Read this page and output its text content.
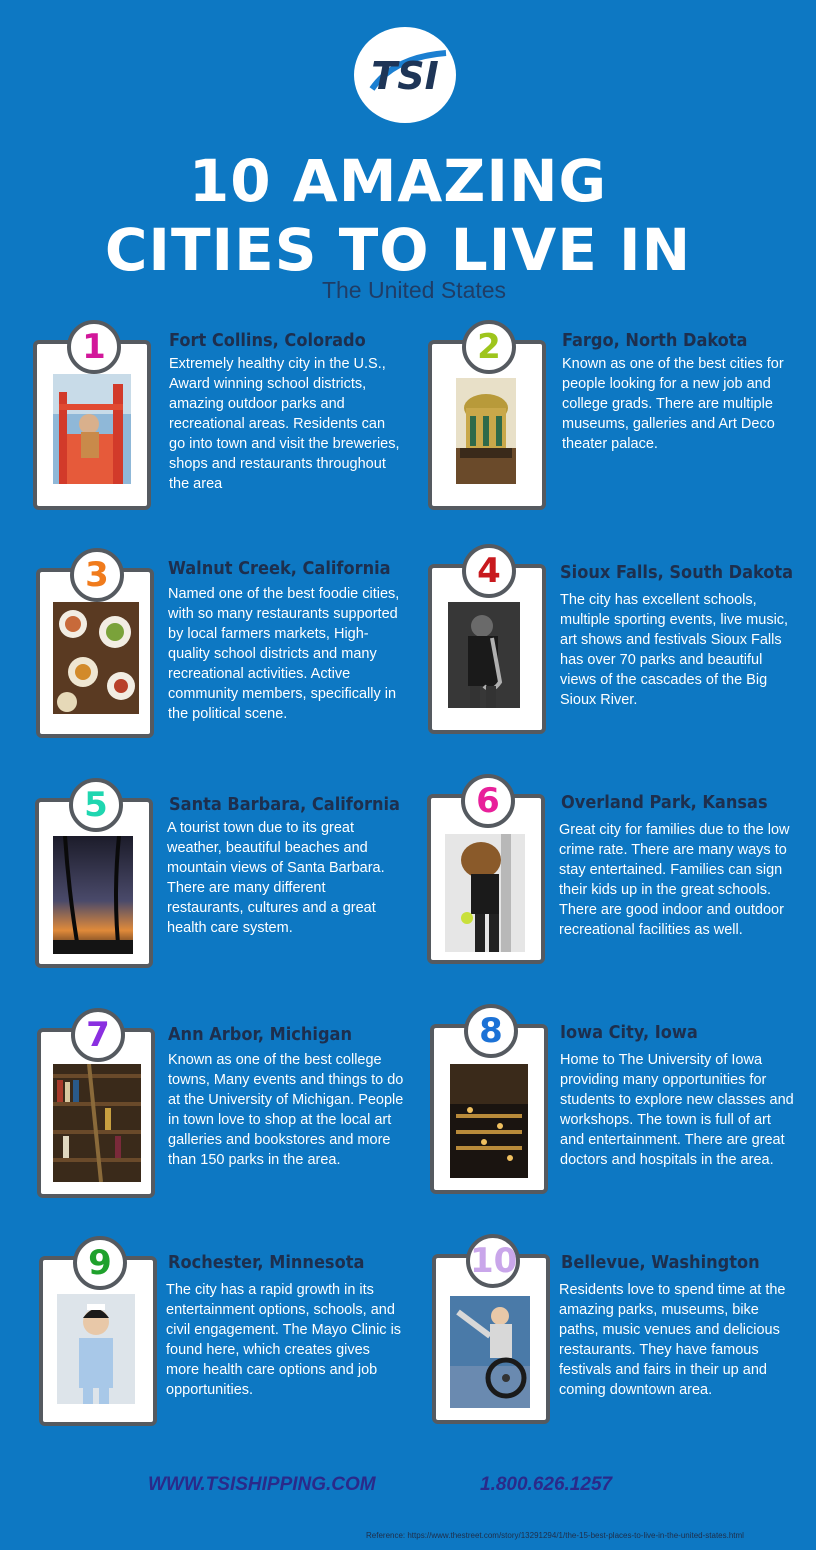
TSI
10 AMAZING
CITIES TO LIVE IN
The United States
1	Fort Collins, Colorado
Extremely healthy city in the U.S., Award winning school districts, amazing outdoor parks and recreational areas. Residents can go into town and visit the breweries, shops and restaurants throughout the area
2	Fargo, North Dakota
Known as one of the best cities for people looking for a new job and college grads. There are multiple museums, galleries and Art Deco theater palace.
3	Walnut Creek, California
Named one of the best foodie cities, with so many restaurants supported by local farmers markets, High-quality school districts and many recreational activities. Active community members, specifically in the political scene.
4	Sioux Falls, South Dakota
The city has excellent schools, multiple sporting events, live music, art shows and festivals Sioux Falls has over 70 parks and beautiful views of the cascades of the Big Sioux River.
5	Santa Barbara, California
A tourist town due to its great weather, beautiful beaches and mountain views of Santa Barbara. There are many different restaurants, cultures and a great health care system.
6	Overland Park, Kansas
Great city for families due to the low crime rate. There are many ways to stay entertained. Families can sign their kids up in the great schools. There are good indoor and outdoor recreational facilities as well.
7	Ann Arbor, Michigan
Known as one of the best college towns, Many events and things to do at the University of Michigan. People in town love to shop at the local art galleries and bookstores and more than 150 parks in the area.
8	Iowa City, Iowa
Home to The University of Iowa providing many opportunities for students to explore new classes and workshops. The town is full of art and entertainment. There are great doctors and hospitals in the area.
9	Rochester, Minnesota
The city has a rapid growth in its entertainment options, schools, and civil engagement. The Mayo Clinic is found here, which creates gives more health care options and job opportunities.
10 Bellevue, Washington
Residents love to spend time at the amazing parks, museums, bike paths, music venues and delicious restaurants. They have famous festivals and fairs in their up and coming downtown area.
WWW.TSISHIPPING.COM	1.800.626.1257
Reference: https://www.thestreet.com/story/13291294/1/the-15-best-places-to-live-in-the-united-states.html
